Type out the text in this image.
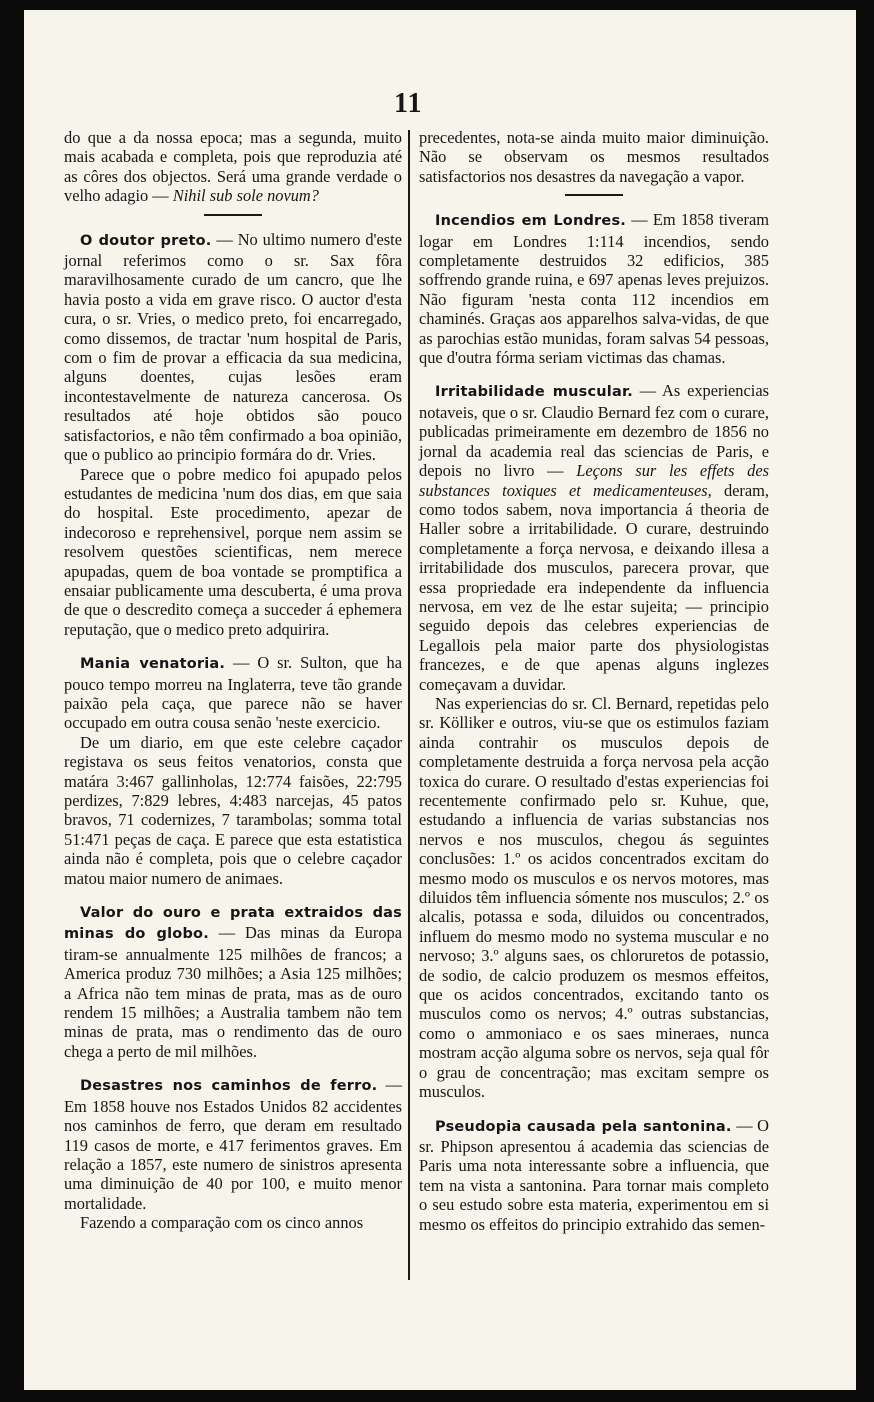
11

do que a da nossa epoca; mas a segunda, muito mais acabada e completa, pois que reproduzia até as côres dos objectos. Será uma grande verdade o velho adagio — Nihil sub sole novum?

O doutor preto. — No ultimo numero d'este jornal referimos como o sr. Sax fôra maravilhosamente curado de um cancro, que lhe havia posto a vida em grave risco. O auctor d'esta cura, o sr. Vries, o medico preto, foi encarregado, como dissemos, de tractar 'num hospital de Paris, com o fim de provar a efficacia da sua medicina, alguns doentes, cujas lesões eram incontestavelmente de natureza cancerosa. Os resultados até hoje obtidos são pouco satisfactorios, e não têm confirmado a boa opinião, que o publico ao principio formára do dr. Vries.

Parece que o pobre medico foi apupado pelos estudantes de medicina 'num dos dias, em que saia do hospital. Este procedimento, apezar de indecoroso e reprehensivel, porque nem assim se resolvem questões scientificas, nem merece apupadas, quem de boa vontade se promptifica a ensaiar publicamente uma descuberta, é uma prova de que o descredito começa a succeder á ephemera reputação, que o medico preto adquirira.

Mania venatoria. — O sr. Sulton, que ha pouco tempo morreu na Inglaterra, teve tão grande paixão pela caça, que parece não se haver occupado em outra cousa senão 'neste exercicio.

De um diario, em que este celebre caçador registava os seus feitos venatorios, consta que matára 3:467 gallinholas, 12:774 faisões, 22:795 perdizes, 7:829 lebres, 4:483 narcejas, 45 patos bravos, 71 codernizes, 7 tarambolas; somma total 51:471 peças de caça. E parece que esta estatistica ainda não é completa, pois que o celebre caçador matou maior numero de animaes.

Valor do ouro e prata extraidos das minas do globo. — Das minas da Europa tiram-se annualmente 125 milhões de francos; a America produz 730 milhões; a Asia 125 milhões; a Africa não tem minas de prata, mas as de ouro rendem 15 milhões; a Australia tambem não tem minas de prata, mas o rendimento das de ouro chega a perto de mil milhões.

Desastres nos caminhos de ferro. — Em 1858 houve nos Estados Unidos 82 accidentes nos caminhos de ferro, que deram em resultado 119 casos de morte, e 417 ferimentos graves. Em relação a 1857, este numero de sinistros apresenta uma diminuição de 40 por 100, e muito menor mortalidade.

Fazendo a comparação com os cinco annos

precedentes, nota-se ainda muito maior diminuição. Não se observam os mesmos resultados satisfactorios nos desastres da navegação a vapor.

Incendios em Londres. — Em 1858 tiveram logar em Londres 1:114 incendios, sendo completamente destruidos 32 edificios, 385 soffrendo grande ruina, e 697 apenas leves prejuizos. Não figuram 'nesta conta 112 incendios em chaminés. Graças aos apparelhos salva-vidas, de que as parochias estão munidas, foram salvas 54 pessoas, que d'outra fórma seriam victimas das chamas.

Irritabilidade muscular. — As experiencias notaveis, que o sr. Claudio Bernard fez com o curare, publicadas primeiramente em dezembro de 1856 no jornal da academia real das sciencias de Paris, e depois no livro — Leçons sur les effets des substances toxiques et medicamenteuses, deram, como todos sabem, nova importancia á theoria de Haller sobre a irritabilidade. O curare, destruindo completamente a força nervosa, e deixando illesa a irritabilidade dos musculos, parecera provar, que essa propriedade era independente da influencia nervosa, em vez de lhe estar sujeita; — principio seguido depois das celebres experiencias de Legallois pela maior parte dos physiologistas francezes, e de que apenas alguns inglezes começavam a duvidar.

Nas experiencias do sr. Cl. Bernard, repetidas pelo sr. Kölliker e outros, viu-se que os estimulos faziam ainda contrahir os musculos depois de completamente destruida a força nervosa pela acção toxica do curare. O resultado d'estas experiencias foi recentemente confirmado pelo sr. Kuhue, que, estudando a influencia de varias substancias nos nervos e nos musculos, chegou ás seguintes conclusões: 1.º os acidos concentrados excitam do mesmo modo os musculos e os nervos motores, mas diluidos têm influencia sómente nos musculos; 2.º os alcalis, potassa e soda, diluidos ou concentrados, influem do mesmo modo no systema muscular e no nervoso; 3.º alguns saes, os chloruretos de potassio, de sodio, de calcio produzem os mesmos effeitos, que os acidos concentrados, excitando tanto os musculos como os nervos; 4.º outras substancias, como o ammoniaco e os saes mineraes, nunca mostram acção alguma sobre os nervos, seja qual fôr o grau de concentração; mas excitam sempre os musculos.

Pseudopia causada pela santonina. — O sr. Phipson apresentou á academia das sciencias de Paris uma nota interessante sobre a influencia, que tem na vista a santonina. Para tornar mais completo o seu estudo sobre esta materia, experimentou em si mesmo os effeitos do principio extrahido das semen-
